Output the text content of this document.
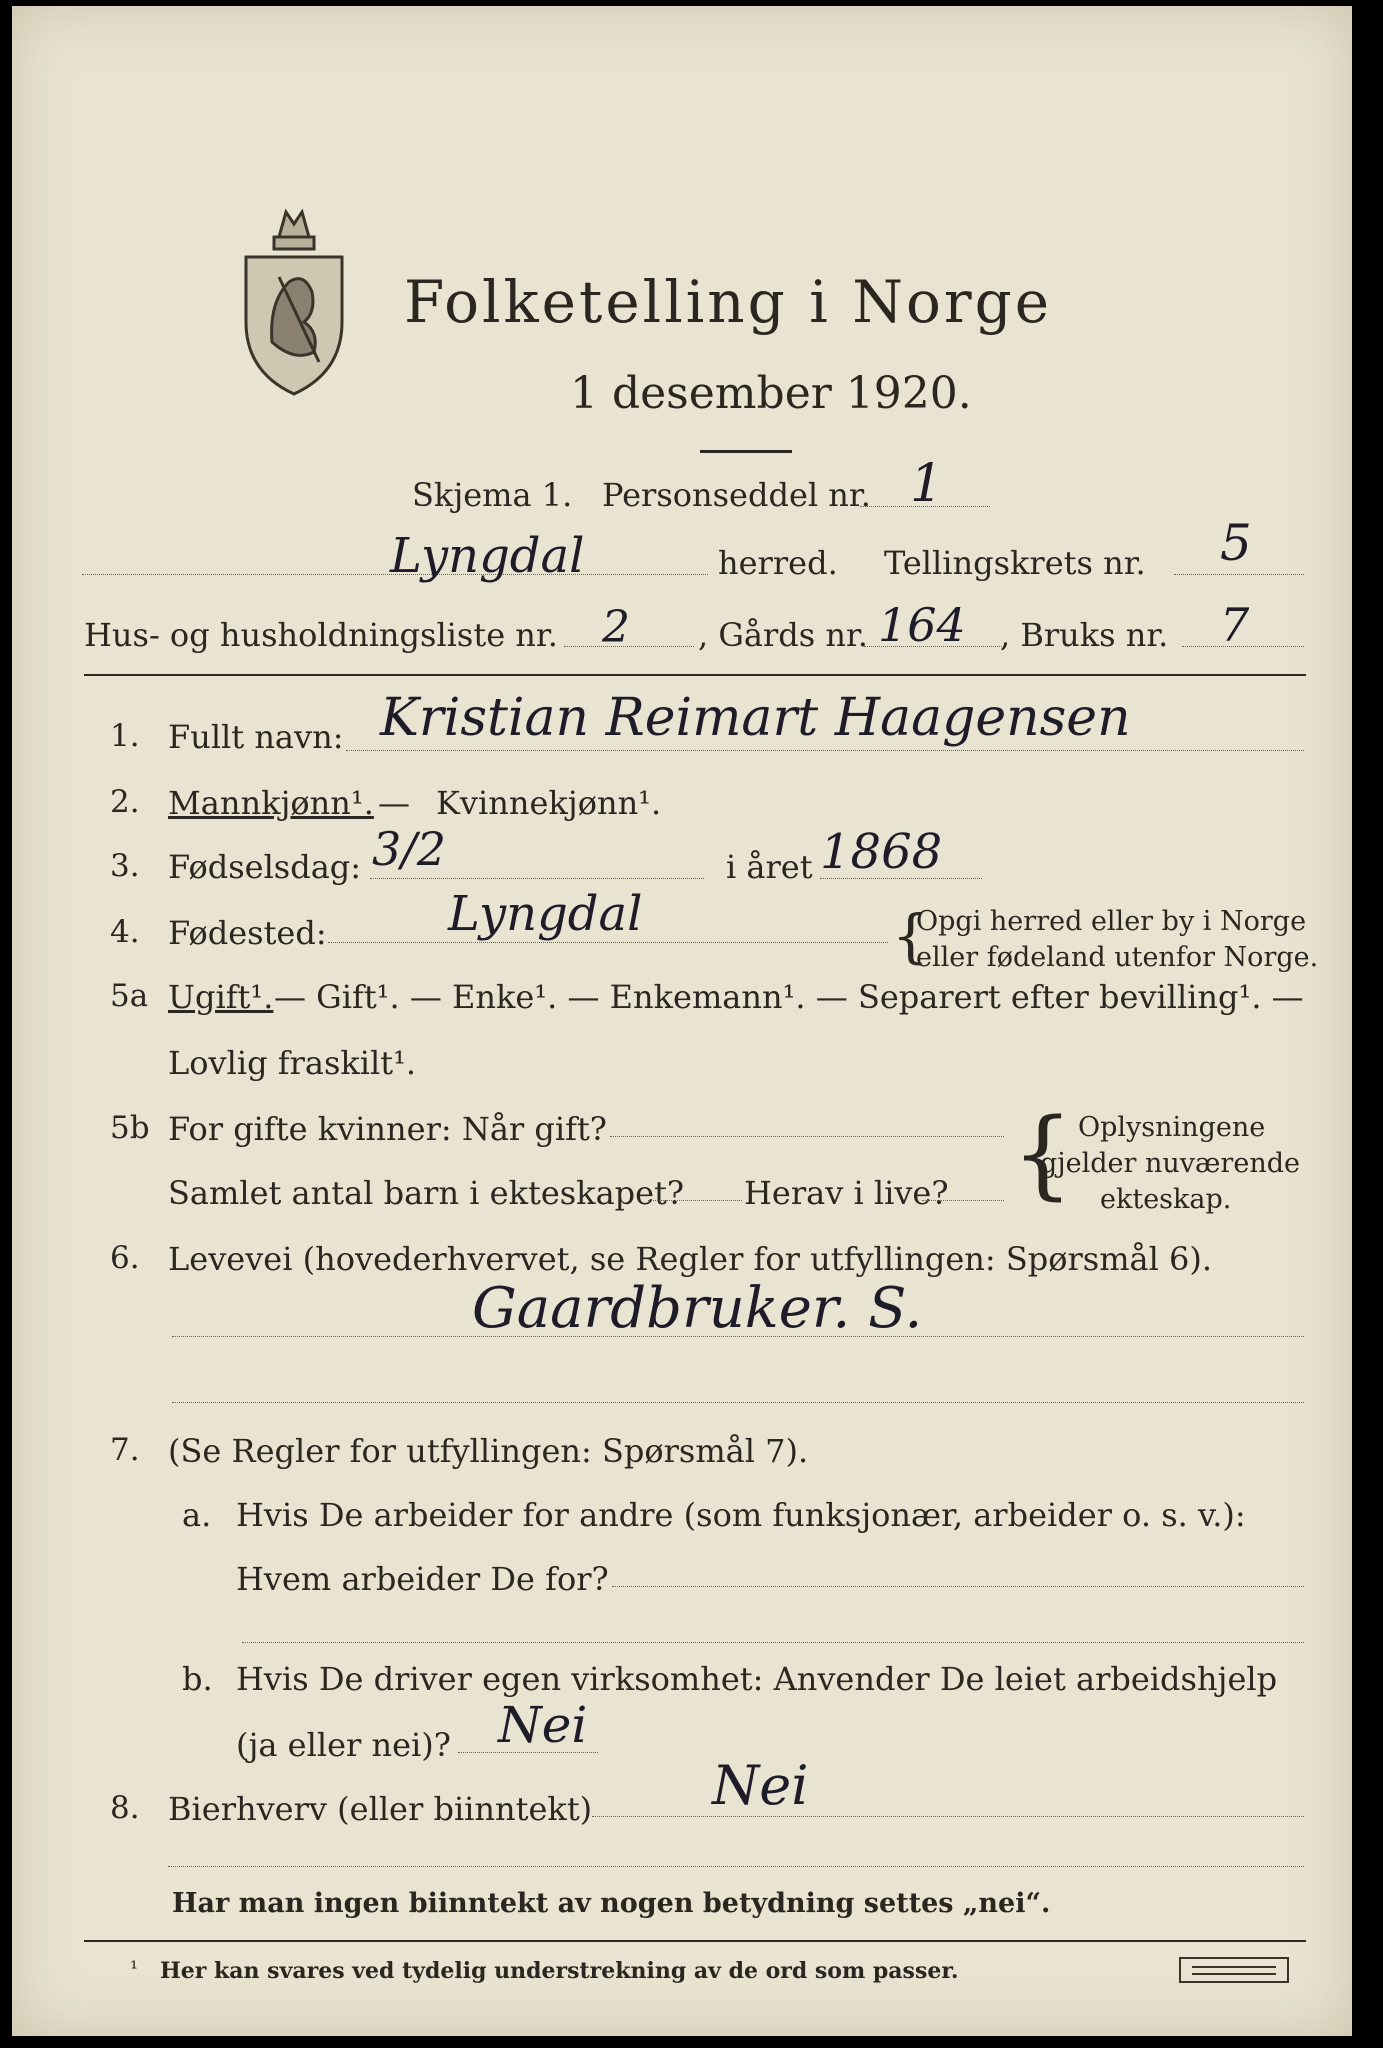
Folketelling i Norge
1 desember 1920.
Skjema 1. Personseddel nr. 1
Lyngdal	herred. Tellingskrets nr. 5
Hus- og husholdningsliste nr. 2 , Gårds nr. 164 , Bruks nr. 7
1. Fullt navn: Kristian Reimart Haagensen
2. Mannkjønn¹. — Kvinnekjønn¹.
3. Fødselsdag: 3/2	i året 1868
4. Fødested:	Lyngdal	{
Opgi herred eller by i Norge
eller fødeland utenfor Norge.
5a Ugift¹. — Gift¹. — Enke¹. — Enkemann¹. — Separert efter bevilling¹. —
Lovlig fraskilt¹.
5b For gifte kvinner: Når gift?
Samlet antal barn i ekteskapet? Herav i live? { Oplysningene
gjelder nuværende
ekteskap.
6. Levevei (hovederhvervet, se Regler for utfyllingen: Spørsmål 6).
Gaardbruker. S.
7. (Se Regler for utfyllingen: Spørsmål 7).
a. Hvis De arbeider for andre (som funksjonær, arbeider o. s. v.):
Hvem arbeider De for?
b. Hvis De driver egen virksomhet: Anvender De leiet arbeidshjelp
(ja eller nei)? Nei
8. Bierhverv (eller biinntekt) Nei
Har man ingen biinntekt av nogen betydning settes „nei“.
¹ Her kan svares ved tydelig understrekning av de ord som passer.
